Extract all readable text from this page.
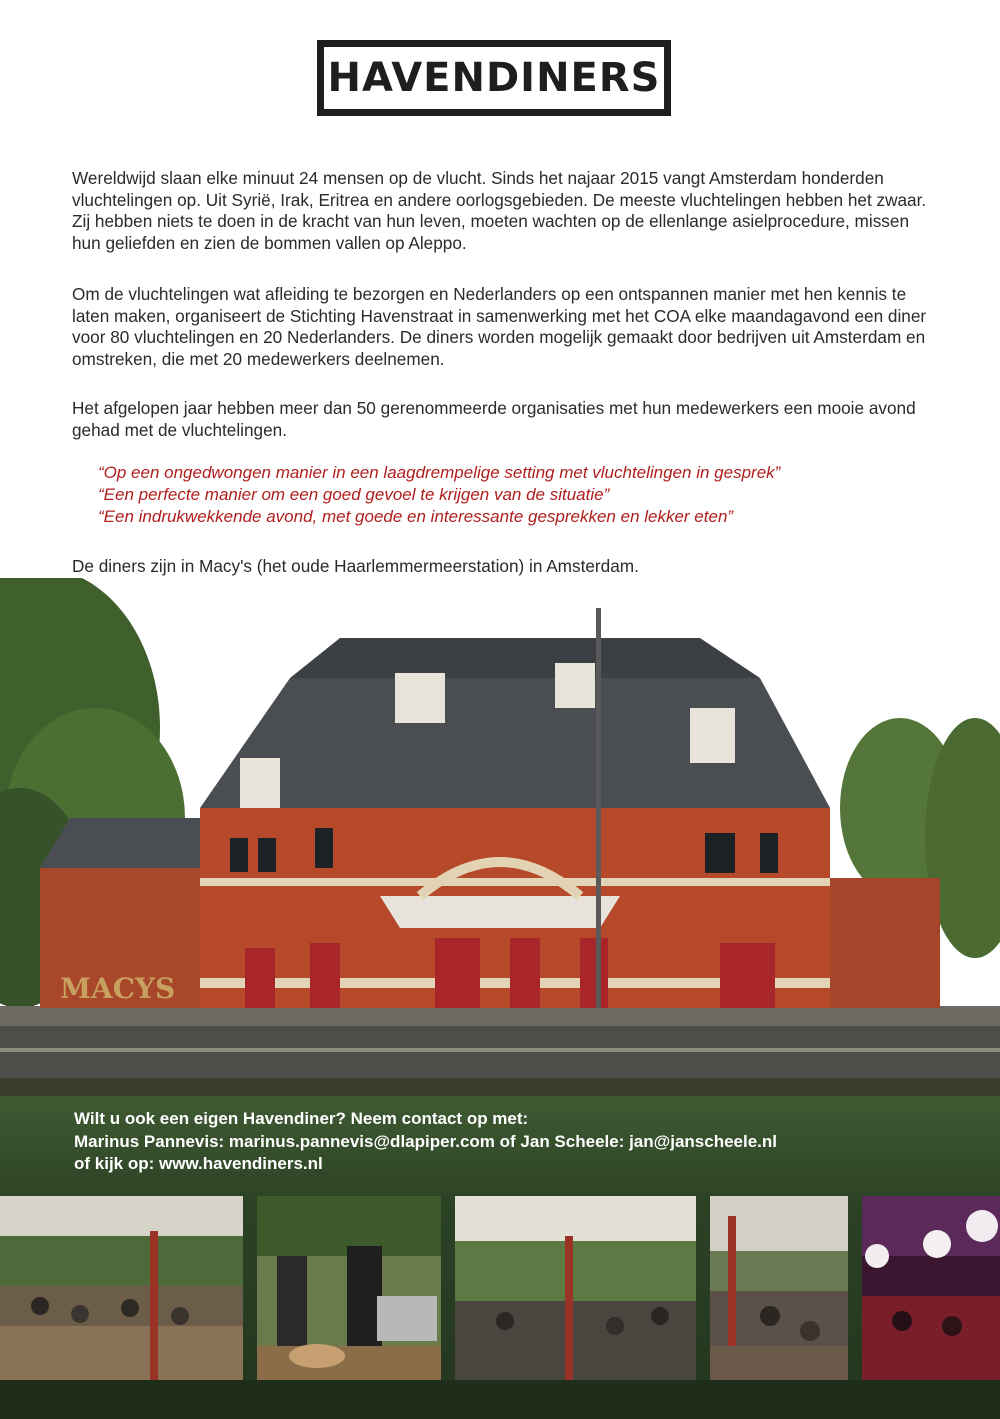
HAVENDINERS
Wereldwijd slaan elke minuut 24 mensen op de vlucht. Sinds het najaar 2015 vangt Amsterdam honderden vluchtelingen op. Uit Syrië, Irak, Eritrea en andere oorlogsgebieden. De meeste vluchtelingen hebben het zwaar. Zij hebben niets te doen in de kracht van hun leven, moeten wachten op de ellenlange asielprocedure, missen hun geliefden en zien de bommen vallen op Aleppo.
Om de vluchtelingen wat afleiding te bezorgen en Nederlanders op een ontspannen manier met hen kennis te laten maken, organiseert de Stichting Havenstraat in samenwerking met het COA elke maandagavond een diner voor 80 vluchtelingen en 20 Nederlanders. De diners worden mogelijk gemaakt door bedrijven uit Amsterdam en omstreken, die met 20 medewerkers deelnemen.
Het afgelopen jaar hebben meer dan 50 gerenommeerde organisaties met hun medewerkers een mooie avond gehad met de vluchtelingen.

“Op een ongedwongen manier in een laagdrempelige setting met vluchtelingen in gesprek”

“Een perfecte manier om een goed gevoel te krijgen van de situatie”

“Een indrukwekkende avond, met goede en interessante gesprekken en lekker eten”

De diners zijn in Macy's (het oude Haarlemmermeerstation) in Amsterdam.
MACYS

Wilt u ook een eigen Havendiner? Neem contact op met:

Marinus Pannevis: marinus.pannevis@dlapiper.com of Jan Scheele: jan@janscheele.nl

of kijk op: www.havendiners.nl
